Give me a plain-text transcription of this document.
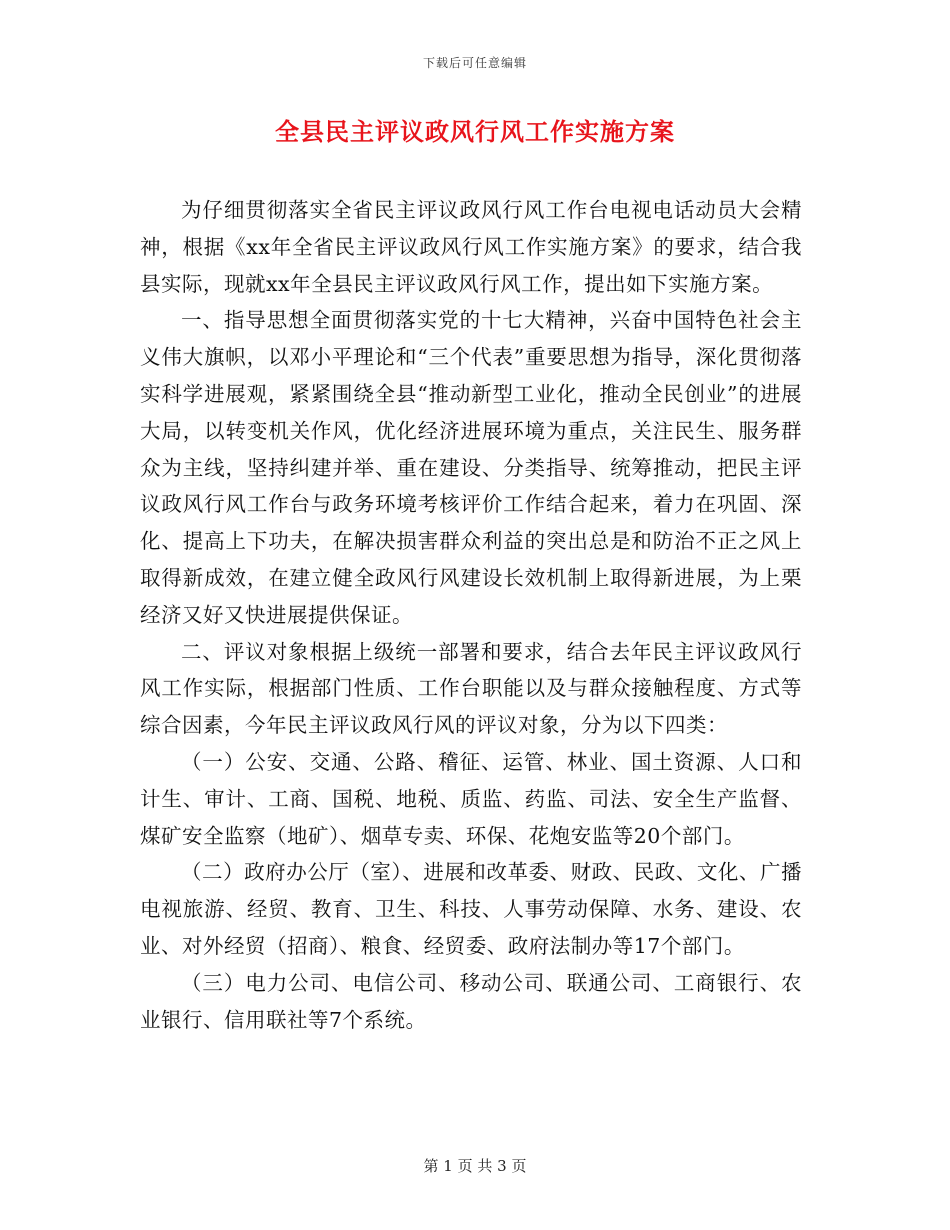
下载后可任意编辑
全县民主评议政风行风工作实施方案

为仔细贯彻落实全省民主评议政风行风工作台电视电话动员大会精神，根据《xx年全省民主评议政风行风工作实施方案》的要求，结合我县实际，现就xx年全县民主评议政风行风工作，提出如下实施方案。

一、指导思想全面贯彻落实党的十七大精神，兴奋中国特色社会主义伟大旗帜，以邓小平理论和“三个代表”重要思想为指导，深化贯彻落实科学进展观，紧紧围绕全县“推动新型工业化，推动全民创业”的进展大局，以转变机关作风，优化经济进展环境为重点，关注民生、服务群众为主线，坚持纠建并举、重在建设、分类指导、统筹推动，把民主评议政风行风工作台与政务环境考核评价工作结合起来，着力在巩固、深化、提高上下功夫，在解决损害群众利益的突出总是和防治不正之风上取得新成效，在建立健全政风行风建设长效机制上取得新进展，为上栗经济又好又快进展提供保证。

二、评议对象根据上级统一部署和要求，结合去年民主评议政风行风工作实际，根据部门性质、工作台职能以及与群众接触程度、方式等综合因素，今年民主评议政风行风的评议对象，分为以下四类：

（一）公安、交通、公路、稽征、运管、林业、国土资源、人口和计生、审计、工商、国税、地税、质监、药监、司法、安全生产监督、煤矿安全监察（地矿）、烟草专卖、环保、花炮安监等20个部门。

（二）政府办公厅（室）、进展和改革委、财政、民政、文化、广播电视旅游、经贸、教育、卫生、科技、人事劳动保障、水务、建设、农业、对外经贸（招商）、粮食、经贸委、政府法制办等17个部门。

（三）电力公司、电信公司、移动公司、联通公司、工商银行、农业银行、信用联社等7个系统。

第 1 页 共 3 页
